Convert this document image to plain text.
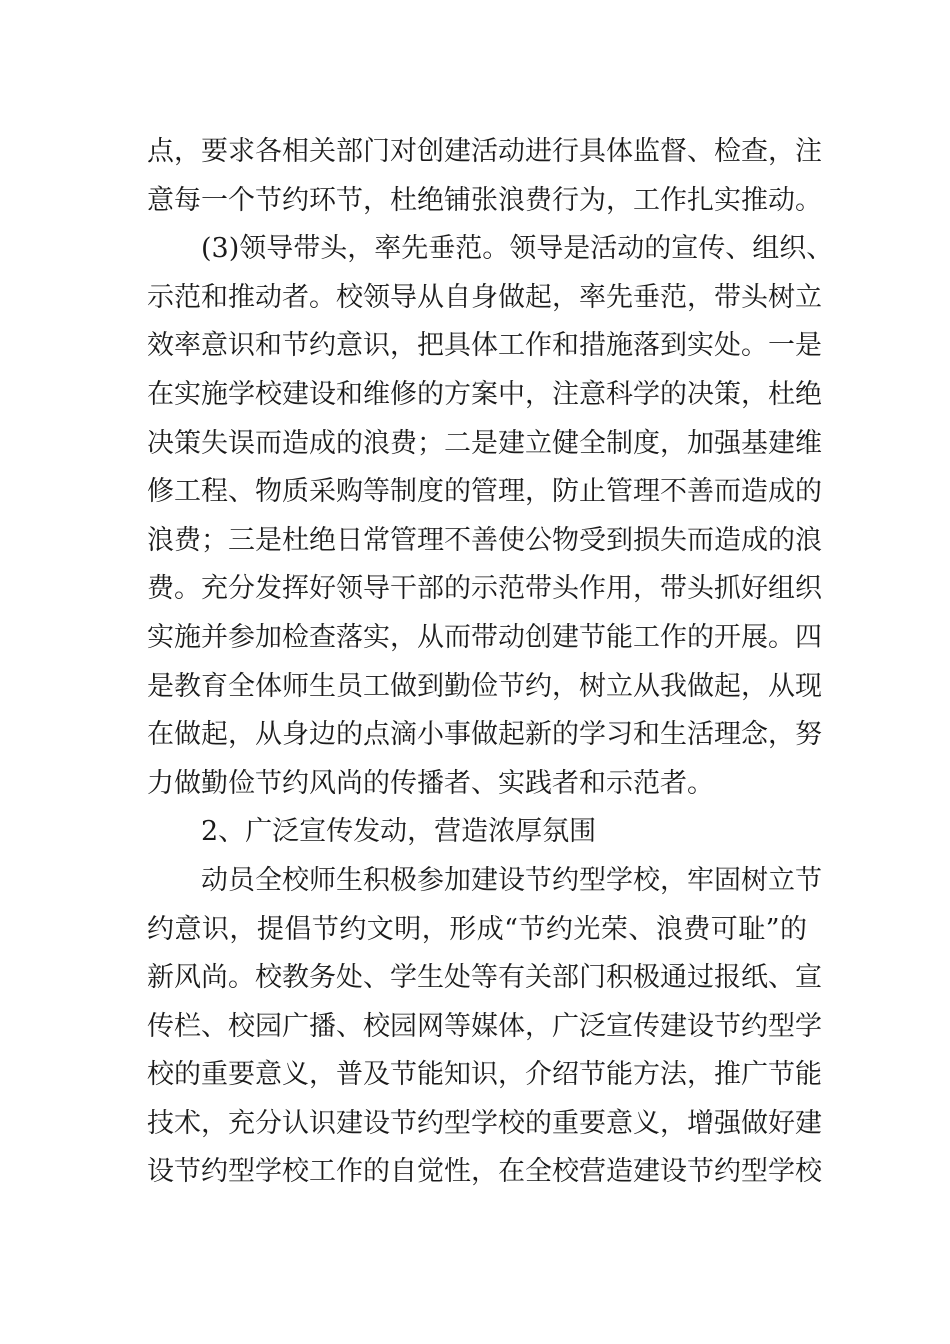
点，要求各相关部门对创建活动进行具体监督、检查，注
意每一个节约环节，杜绝铺张浪费行为，工作扎实推动。
(3)领导带头，率先垂范。领导是活动的宣传、组织、
示范和推动者。校领导从自身做起，率先垂范，带头树立
效率意识和节约意识，把具体工作和措施落到实处。一是
在实施学校建设和维修的方案中，注意科学的决策，杜绝
决策失误而造成的浪费；二是建立健全制度，加强基建维
修工程、物质采购等制度的管理，防止管理不善而造成的
浪费；三是杜绝日常管理不善使公物受到损失而造成的浪
费。充分发挥好领导干部的示范带头作用，带头抓好组织
实施并参加检查落实，从而带动创建节能工作的开展。四
是教育全体师生员工做到勤俭节约，树立从我做起，从现
在做起，从身边的点滴小事做起新的学习和生活理念，努
力做勤俭节约风尚的传播者、实践者和示范者。
2、广泛宣传发动，营造浓厚氛围
动员全校师生积极参加建设节约型学校，牢固树立节
约意识，提倡节约文明，形成“节约光荣、浪费可耻”的
新风尚。校教务处、学生处等有关部门积极通过报纸、宣
传栏、校园广播、校园网等媒体，广泛宣传建设节约型学
校的重要意义，普及节能知识，介绍节能方法，推广节能
技术，充分认识建设节约型学校的重要意义，增强做好建
设节约型学校工作的自觉性，在全校营造建设节约型学校
